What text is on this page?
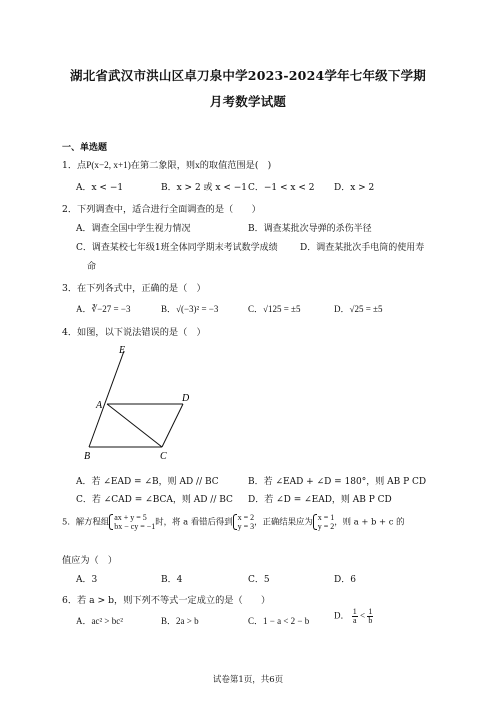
湖北省武汉市洪山区卓刀泉中学2023-2024学年七年级下学期
月考数学试题
一、单选题
1．点P(x−2, x+1)在第二象限，则x的取值范围是(　)
A．x < −1	B．x > 2 或 x < −1 C．−1 < x < 2 D．x > 2
2．下列调查中，适合进行全面调查的是（　　）
A．调查全国中学生视力情况	B．调查某批次导弹的杀伤半径
C．调查某校七年级1班全体同学期末考试数学成绩 D．调查某批次手电筒的使用寿
命
3．在下列各式中，正确的是（　）
A．∛−27 = −3	B．√(−3)² = −3	C．√125 = ±5	D．√25 = ±5
4．如图，以下说法错误的是（　）
E
A
D
B	C
A．若 ∠EAD = ∠B，则 AD // BC	B．若 ∠EAD + ∠D = 180°，则 AB P CD
C．若 ∠CAD = ∠BCA，则 AD // BC D．若 ∠D = ∠EAD，则 AB P CD
5．解方程组 ax + y = 5
bx − cy = −1 时，将 a 看错后得到 x = 2
y = 3 ，正确结果应为 x = 1
y = 2 ，则 a + b + c 的
值应为（　）
A．3	B．4	C．5	D．6
6．若 a > b，则下列不等式一定成立的是（　　）
A．ac² > bc²	B．2a > b	C．1 − a < 2 − b
D． $\frac{1}{a} < \frac{1}{b}$
试卷第1页，共6页
